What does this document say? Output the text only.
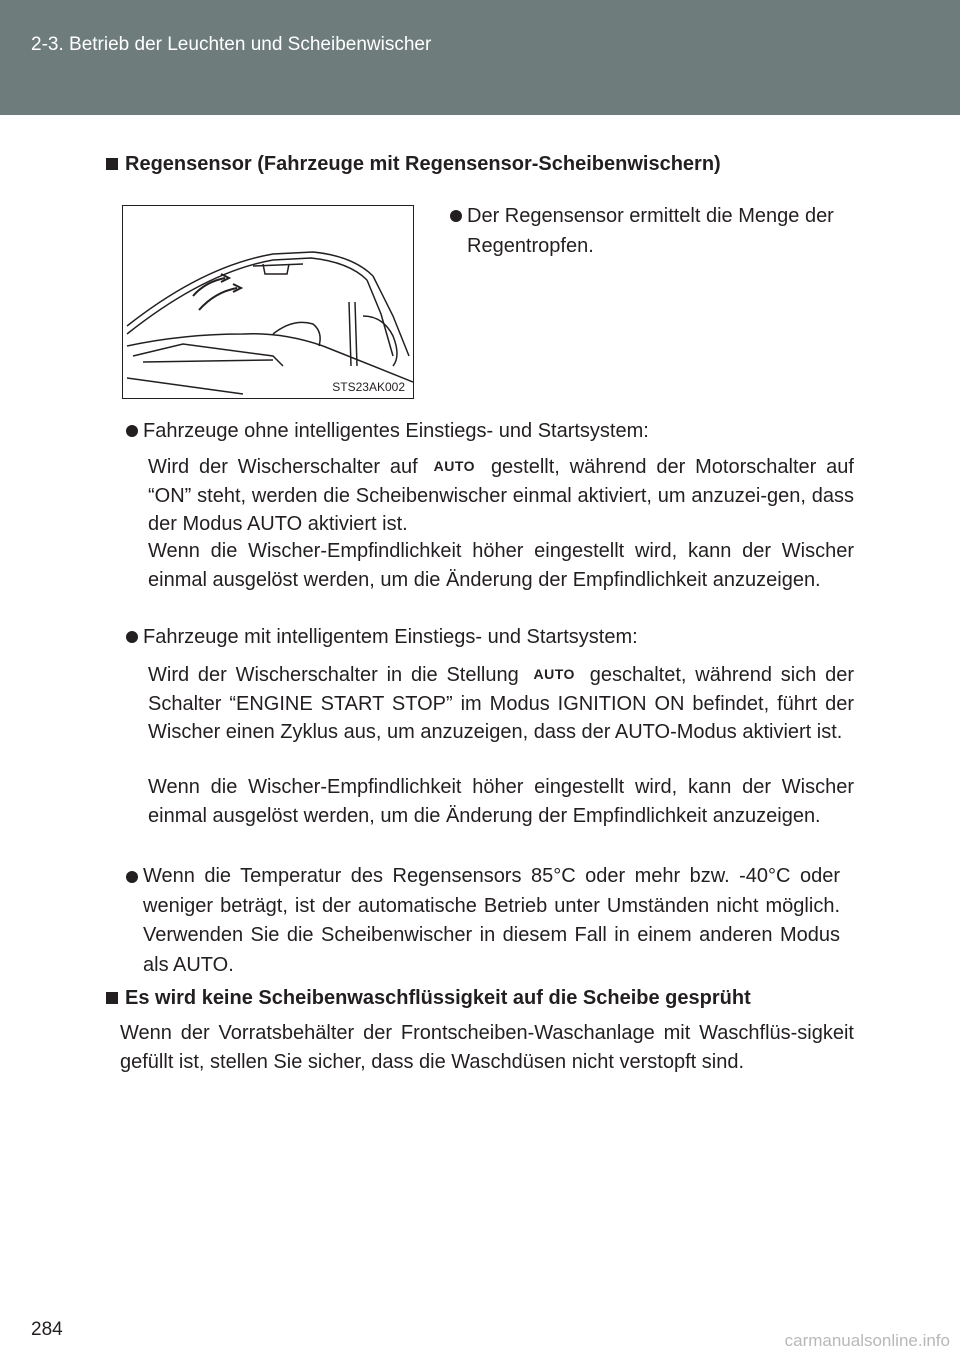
2-3. Betrieb der Leuchten und Scheibenwischer
Regensensor (Fahrzeuge mit Regensensor-Scheibenwischern)
STS23AK002
Der Regensensor ermittelt die Menge der Regentropfen.
Fahrzeuge ohne intelligentes Einstiegs- und Startsystem:
Wird der Wischerschalter auf AUTO gestellt, während der Motorschalter auf “ON” steht, werden die Scheibenwischer einmal aktiviert, um anzuzei-gen, dass der Modus AUTO aktiviert ist.
Wenn die Wischer-Empfindlichkeit höher eingestellt wird, kann der Wischer einmal ausgelöst werden, um die Änderung der Empfindlichkeit anzuzeigen.
Fahrzeuge mit intelligentem Einstiegs- und Startsystem:
Wird der Wischerschalter in die Stellung AUTO geschaltet, während sich der Schalter “ENGINE START STOP” im Modus IGNITION ON befindet, führt der Wischer einen Zyklus aus, um anzuzeigen, dass der AUTO-Modus aktiviert ist.
Wenn die Wischer-Empfindlichkeit höher eingestellt wird, kann der Wischer einmal ausgelöst werden, um die Änderung der Empfindlichkeit anzuzeigen.
Wenn die Temperatur des Regensensors 85°C oder mehr bzw. -40°C oder weniger beträgt, ist der automatische Betrieb unter Umständen nicht möglich. Verwenden Sie die Scheibenwischer in diesem Fall in einem anderen Modus als AUTO.
Es wird keine Scheibenwaschflüssigkeit auf die Scheibe gesprüht
Wenn der Vorratsbehälter der Frontscheiben-Waschanlage mit Waschflüs-sigkeit gefüllt ist, stellen Sie sicher, dass die Waschdüsen nicht verstopft sind.
284
carmanualsonline.info
